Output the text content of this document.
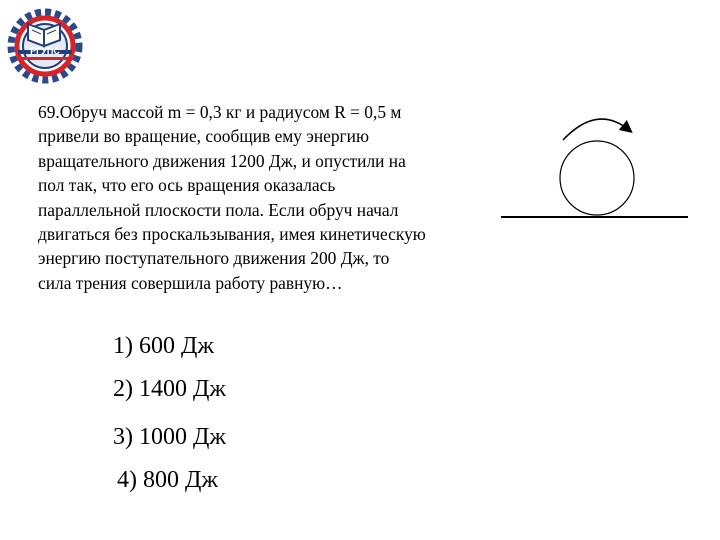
РГУПС
69.Обруч массой m = 0,3 кг и радиусом R = 0,5 м
привели во вращение, сообщив ему энергию
вращательного движения 1200 Дж, и опустили на
пол так, что его ось вращения оказалась
параллельной плоскости пола. Если обруч начал
двигаться без проскальзывания, имея кинетическую
энергию поступательного движения 200 Дж, то
сила трения совершила работу равную…
1) 600 Дж
2) 1400 Дж
3) 1000 Дж
4) 800 Дж
